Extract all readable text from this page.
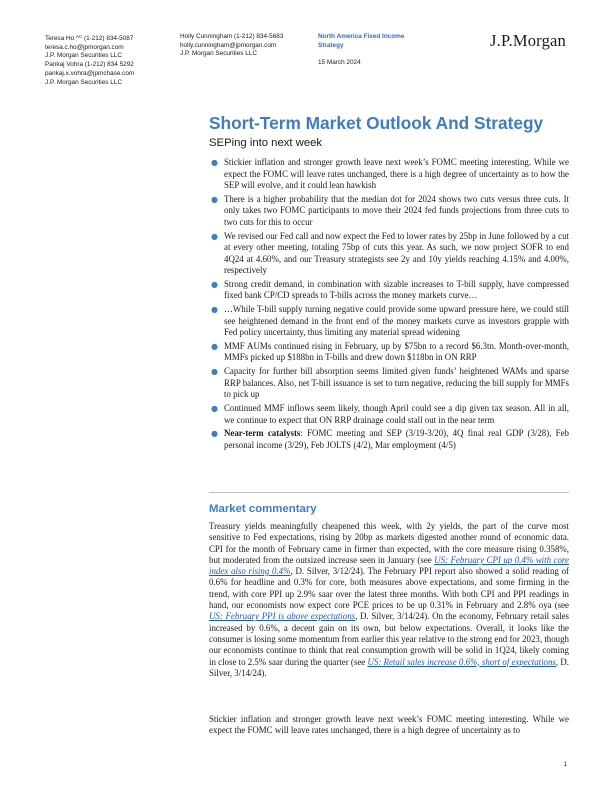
Teresa Ho $^{AC}$ (1-212) 834-5087
teresa.c.ho@jpmorgan.com
J.P. Morgan Securities LLC
Pankaj Vohra (1-212) 834 5292
pankaj.x.vohra@jpmchase.com
J.P. Morgan Securities LLC
Holly Cunningham (1-212) 834-5683
holly.cunningham@jpmorgan.com
J.P. Morgan Securities LLC
North America Fixed Income
Strategy
15 March 2024
J.P.Morgan
Short-Term Market Outlook And Strategy
SEPing into next week
● Stickier inflation and stronger growth leave next week’s FOMC meeting interesting. While we expect the FOMC will leave rates unchanged, there is a high degree of uncertainty as to how the SEP will evolve, and it could lean hawkish
● There is a higher probability that the median dot for 2024 shows two cuts versus three cuts. It only takes two FOMC participants to move their 2024 fed funds projections from three cuts to two cuts for this to occur
● We revised our Fed call and now expect the Fed to lower rates by 25bp in June followed by a cut at every other meeting, totaling 75bp of cuts this year. As such, we now project SOFR to end 4Q24 at 4.60%, and our Treasury strategists see 2y and 10y yields reaching 4.15% and 4.00%, respectively
● Strong credit demand, in combination with sizable increases to T-bill supply, have compressed fixed bank CP/CD spreads to T-bills across the money markets curve…
● …While T-bill supply turning negative could provide some upward pressure here, we could still see heightened demand in the front end of the money markets curve as investors grapple with Fed policy uncertainty, thus limiting any material spread widening
● MMF AUMs continued rising in February, up by $75bn to a record $6.3tn. Month-over-month, MMFs picked up $188bn in T-bills and drew down $118bn in ON RRP
● Capacity for further bill absorption seems limited given funds’ heightened WAMs and sparse RRP balances. Also, net T-bill issuance is set to turn negative, reducing the bill supply for MMFs to pick up
● Continued MMF inflows seem likely, though April could see a dip given tax season. All in all, we continue to expect that ON RRP drainage could stall out in the near term
● Near-term catalysts: FOMC meeting and SEP (3/19-3/20), 4Q final real GDP (3/28), Feb personal income (3/29), Feb JOLTS (4/2), Mar employment (4/5)
Market commentary

Treasury yields meaningfully cheapened this week, with 2y yields, the part of the curve most sensitive to Fed expectations, rising by 20bp as markets digested another round of economic data. CPI for the month of February came in firmer than expected, with the core measure rising 0.358%, but moderated from the outsized increase seen in January (see US: February CPI up 0.4% with core index also rising 0.4%, D. Silver, 3/12/24). The February PPI report also showed a solid reading of 0.6% for headline and 0.3% for core, both measures above expectations, and some firming in the trend, with core PPI up 2.9% saar over the latest three months. With both CPI and PPI readings in hand, our economists now expect core PCE prices to be up 0.31% in February and 2.8% oya (see US: February PPI is above expectations, D. Silver, 3/14/24). On the economy, February retail sales increased by 0.6%, a decent gain on its own, but below expectations. Overall, it looks like the consumer is losing some momentum from earlier this year relative to the strong end for 2023, though our economists continue to think that real consumption growth will be solid in 1Q24, likely coming in close to 2.5% saar during the quarter (see US: Retail sales increase 0.6%, short of expectations, D. Silver, 3/14/24).

Stickier inflation and stronger growth leave next week’s FOMC meeting interesting. While we expect the FOMC will leave rates unchanged, there is a high degree of uncertainty as to

1
